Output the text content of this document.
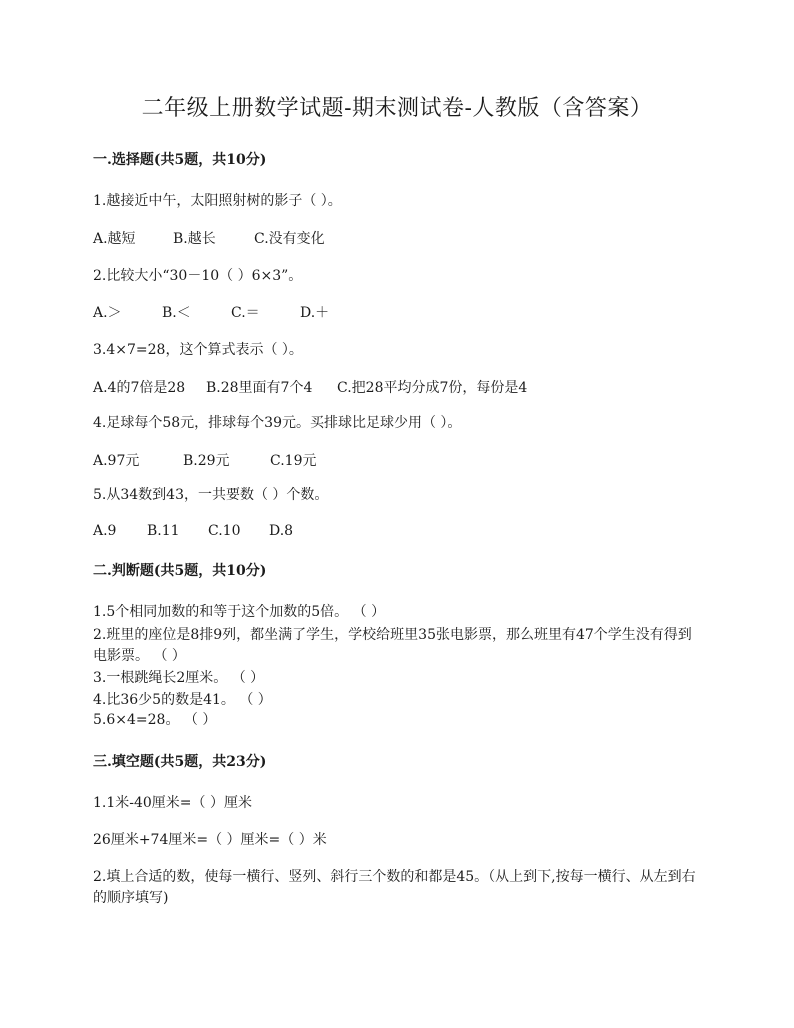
二年级上册数学试题-期末测试卷-人教版（含答案）
一.选择题(共5题，共10分)
1.越接近中午，太阳照射树的影子（ ）。
A.越短	B.越长	C.没有变化
2.比较大小“30－10（ ）6×3”。
A.＞	B.＜	C.＝	D.＋
3.4×7=28，这个算式表示（ ）。
A.4的7倍是28 B.28里面有7个4 C.把28平均分成7份，每份是4
4.足球每个58元，排球每个39元。买排球比足球少用（ ）。
A.97元	B.29元	C.19元
5.从34数到43，一共要数（ ）个数。
A.9 B.11 C.10 D.8
二.判断题(共5题，共10分)
1.5个相同加数的和等于这个加数的5倍。 （ ）
2.班里的座位是8排9列，都坐满了学生，学校给班里35张电影票，那么班里有47个学生没有得到电影票。 （ ）
3.一根跳绳长2厘米。 （ ）
4.比36少5的数是41。 （ ）
5.6×4=28。 （ ）
三.填空题(共5题，共23分)
1.1米-40厘米=（ ）厘米
26厘米+74厘米=（ ）厘米=（ ）米
2.填上合适的数，使每一横行、竖列、斜行三个数的和都是45。（从上到下,按每一横行、从左到右的顺序填写)
